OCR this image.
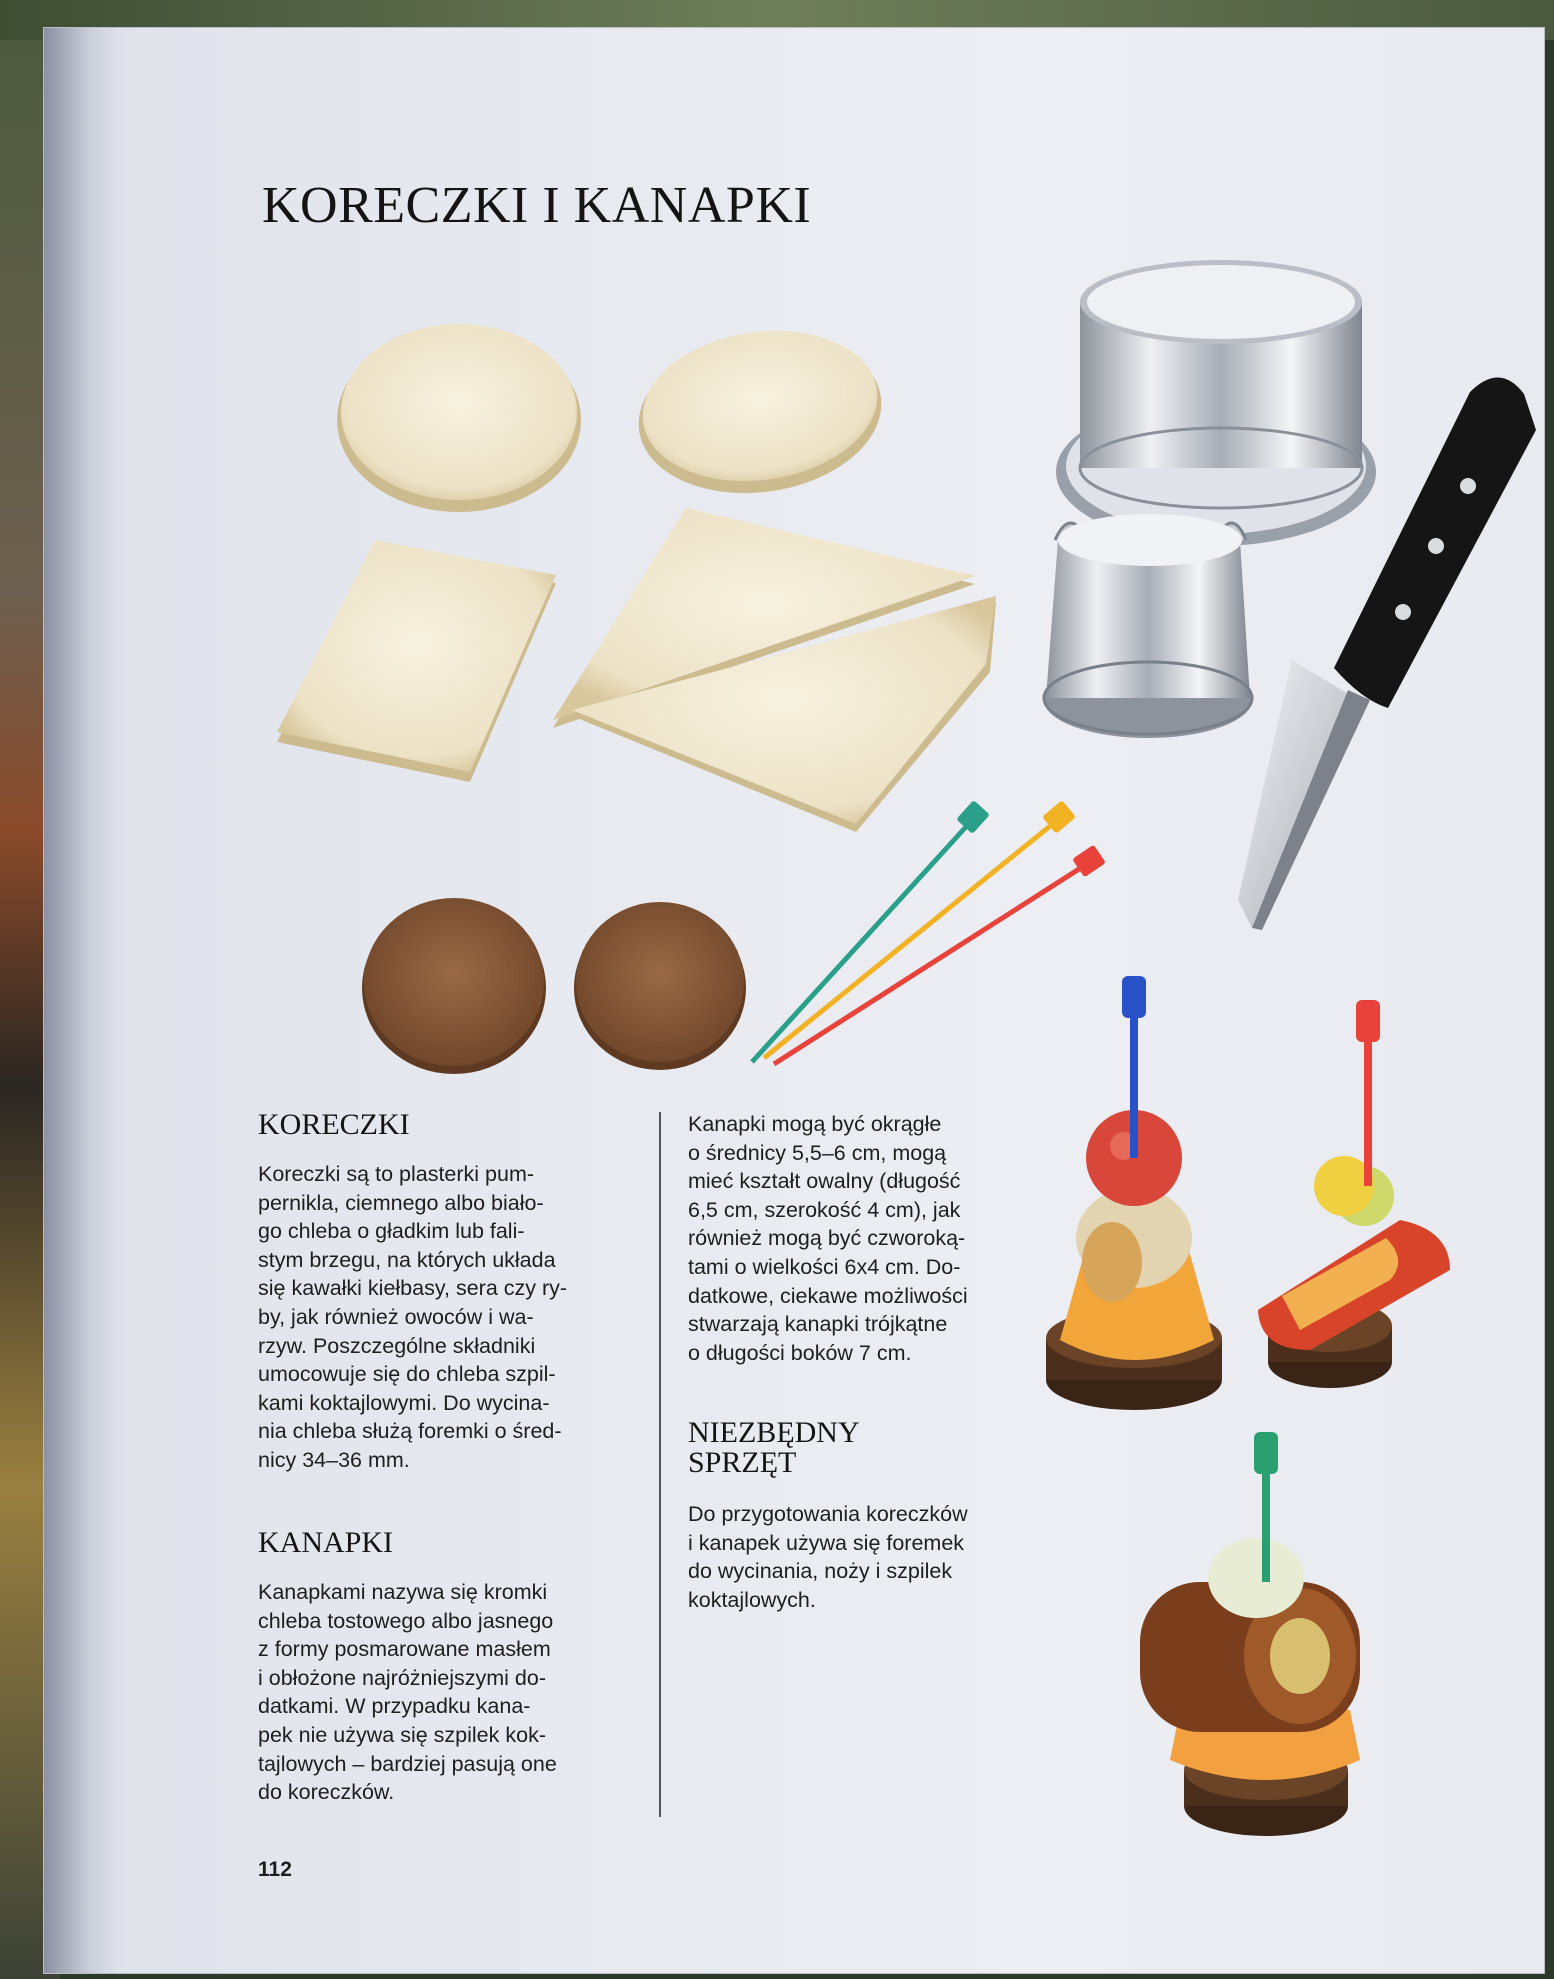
KORECZKI I KANAPKI
KORECZKI
Koreczki są to plasterki pum-
pernikla, ciemnego albo biało-
go chleba o gładkim lub fali-
stym brzegu, na których układa
się kawałki kiełbasy, sera czy ry-
by, jak również owoców i wa-
rzyw. Poszczególne składniki
umocowuje się do chleba szpil-
kami koktajlowymi. Do wycina-
nia chleba służą foremki o śred-
nicy 34–36 mm.
KANAPKI
Kanapkami nazywa się kromki
chleba tostowego albo jasnego
z formy posmarowane masłem
i obłożone najróżniejszymi do-
datkami. W przypadku kana-
pek nie używa się szpilek kok-
tajlowych – bardziej pasują one
do koreczków.
Kanapki mogą być okrągłe
o średnicy 5,5–6 cm, mogą
mieć kształt owalny (długość
6,5 cm, szerokość 4 cm), jak
również mogą być czworoką-
tami o wielkości 6x4 cm. Do-
datkowe, ciekawe możliwości
stwarzają kanapki trójkątne
o długości boków 7 cm.
NIEZBĘDNY
SPRZĘT
Do przygotowania koreczków
i kanapek używa się foremek
do wycinania, noży i szpilek
koktajlowych.
112
